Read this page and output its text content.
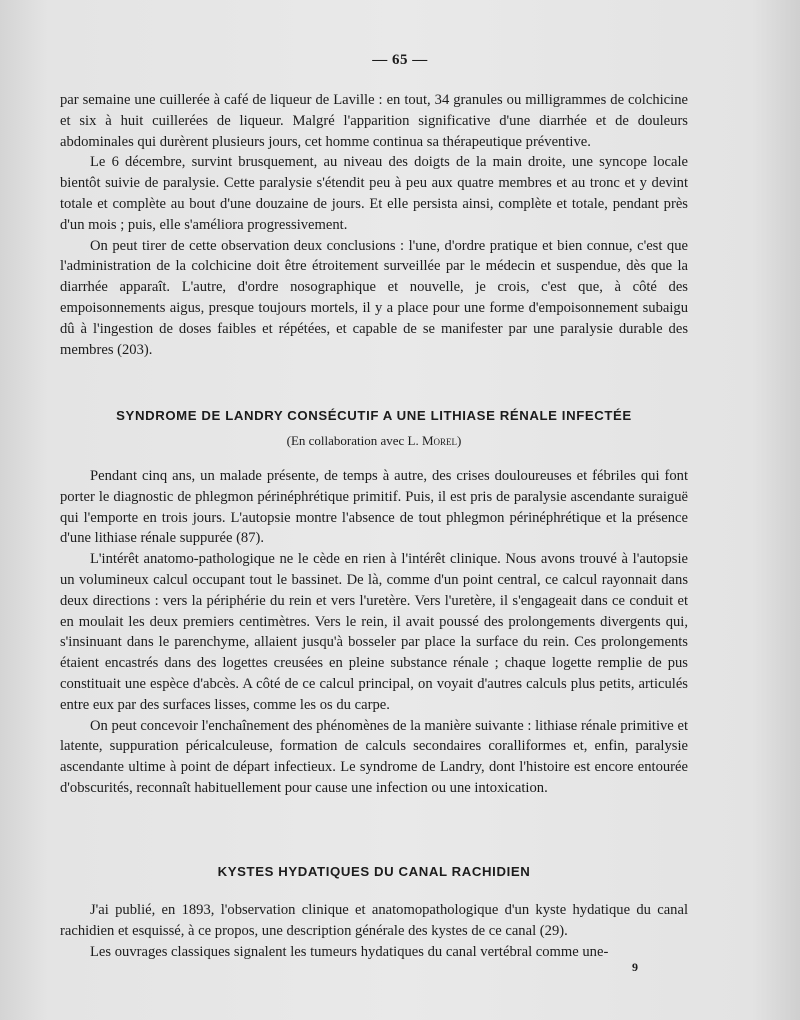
— 65 —

par semaine une cuillerée à café de liqueur de Laville : en tout, 34 granules ou milligrammes de colchicine et six à huit cuillerées de liqueur. Malgré l'apparition significative d'une diarrhée et de douleurs abdominales qui durèrent plusieurs jours, cet homme continua sa thérapeutique préventive.

Le 6 décembre, survint brusquement, au niveau des doigts de la main droite, une syncope locale bientôt suivie de paralysie. Cette paralysie s'étendit peu à peu aux quatre membres et au tronc et y devint totale et complète au bout d'une douzaine de jours. Et elle persista ainsi, complète et totale, pendant près d'un mois ; puis, elle s'améliora progressivement.

On peut tirer de cette observation deux conclusions : l'une, d'ordre pratique et bien connue, c'est que l'administration de la colchicine doit être étroitement surveillée par le médecin et suspendue, dès que la diarrhée apparaît. L'autre, d'ordre nosographique et nouvelle, je crois, c'est que, à côté des empoisonnements aigus, presque toujours mortels, il y a place pour une forme d'empoisonnement subaigu dû à l'ingestion de doses faibles et répétées, et capable de se manifester par une paralysie durable des membres (203).

SYNDROME DE LANDRY CONSÉCUTIF A UNE LITHIASE RÉNALE INFECTÉE
(En collaboration avec L. Morel)

Pendant cinq ans, un malade présente, de temps à autre, des crises douloureuses et fébriles qui font porter le diagnostic de phlegmon périnéphrétique primitif. Puis, il est pris de paralysie ascendante suraiguë qui l'emporte en trois jours. L'autopsie montre l'absence de tout phlegmon périnéphrétique et la présence d'une lithiase rénale suppurée (87).

L'intérêt anatomo-pathologique ne le cède en rien à l'intérêt clinique. Nous avons trouvé à l'autopsie un volumineux calcul occupant tout le bassinet. De là, comme d'un point central, ce calcul rayonnait dans deux directions : vers la périphérie du rein et vers l'uretère. Vers l'uretère, il s'engageait dans ce conduit et en moulait les deux premiers centimètres. Vers le rein, il avait poussé des prolongements divergents qui, s'insinuant dans le parenchyme, allaient jusqu'à bosseler par place la surface du rein. Ces prolongements étaient encastrés dans des logettes creusées en pleine substance rénale ; chaque logette remplie de pus constituait une espèce d'abcès. A côté de ce calcul principal, on voyait d'autres calculs plus petits, articulés entre eux par des surfaces lisses, comme les os du carpe.

On peut concevoir l'enchaînement des phénomènes de la manière suivante : lithiase rénale primitive et latente, suppuration péricalculeuse, formation de calculs secondaires coralliformes et, enfin, paralysie ascendante ultime à point de départ infectieux. Le syndrome de Landry, dont l'histoire est encore entourée d'obscurités, reconnaît habituellement pour cause une infection ou une intoxication.

KYSTES HYDATIQUES DU CANAL RACHIDIEN

J'ai publié, en 1893, l'observation clinique et anatomopathologique d'un kyste hydatique du canal rachidien et esquissé, à ce propos, une description générale des kystes de ce canal (29).

Les ouvrages classiques signalent les tumeurs hydatiques du canal vertébral comme une-

9
